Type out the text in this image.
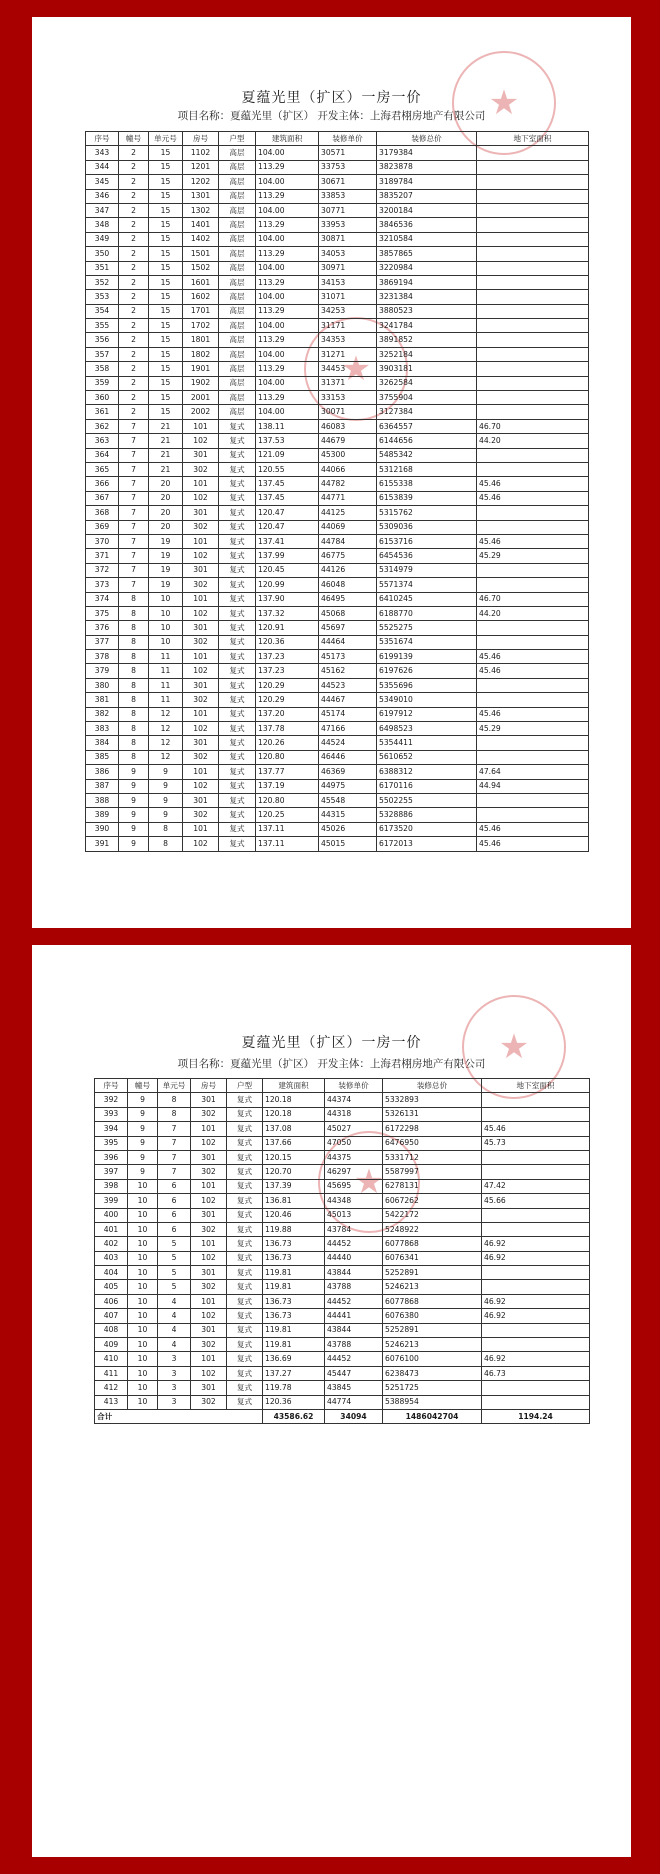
夏蕴光里（扩区）一房一价
项目名称：夏蕴光里（扩区） 开发主体：上海君栩房地产有限公司 ★
★
序号	幢号	单元号	房号	户型	建筑面积	装修单价	装修总价	地下室面积
343	2	15	1102	高层	104.00	30571	3179384	
344	2	15	1201	高层	113.29	33753	3823878	
345	2	15	1202	高层	104.00	30671	3189784	
346	2	15	1301	高层	113.29	33853	3835207	
347	2	15	1302	高层	104.00	30771	3200184	
348	2	15	1401	高层	113.29	33953	3846536	
349	2	15	1402	高层	104.00	30871	3210584	
350	2	15	1501	高层	113.29	34053	3857865	
351	2	15	1502	高层	104.00	30971	3220984	
352	2	15	1601	高层	113.29	34153	3869194	
353	2	15	1602	高层	104.00	31071	3231384	
354	2	15	1701	高层	113.29	34253	3880523	
355	2	15	1702	高层	104.00	31171	3241784	
356	2	15	1801	高层	113.29	34353	3891852	
357	2	15	1802	高层	104.00	31271	3252184	
358	2	15	1901	高层	113.29	34453	3903181	
359	2	15	1902	高层	104.00	31371	3262584	
360	2	15	2001	高层	113.29	33153	3755904	
361	2	15	2002	高层	104.00	30071	3127384	
362	7	21	101	复式	138.11	46083	6364557	46.70
363	7	21	102	复式	137.53	44679	6144656	44.20
364	7	21	301	复式	121.09	45300	5485342	
365	7	21	302	复式	120.55	44066	5312168	
366	7	20	101	复式	137.45	44782	6155338	45.46
367	7	20	102	复式	137.45	44771	6153839	45.46
368	7	20	301	复式	120.47	44125	5315762	
369	7	20	302	复式	120.47	44069	5309036	
370	7	19	101	复式	137.41	44784	6153716	45.46
371	7	19	102	复式	137.99	46775	6454536	45.29
372	7	19	301	复式	120.45	44126	5314979	
373	7	19	302	复式	120.99	46048	5571374	
374	8	10	101	复式	137.90	46495	6410245	46.70
375	8	10	102	复式	137.32	45068	6188770	44.20
376	8	10	301	复式	120.91	45697	5525275	
377	8	10	302	复式	120.36	44464	5351674	
378	8	11	101	复式	137.23	45173	6199139	45.46
379	8	11	102	复式	137.23	45162	6197626	45.46
380	8	11	301	复式	120.29	44523	5355696	
381	8	11	302	复式	120.29	44467	5349010	
382	8	12	101	复式	137.20	45174	6197912	45.46
383	8	12	102	复式	137.78	47166	6498523	45.29
384	8	12	301	复式	120.26	44524	5354411	
385	8	12	302	复式	120.80	46446	5610652	
386	9	9	101	复式	137.77	46369	6388312	47.64
387	9	9	102	复式	137.19	44975	6170116	44.94
388	9	9	301	复式	120.80	45548	5502255	
389	9	9	302	复式	120.25	44315	5328886	
390	9	8	101	复式	137.11	45026	6173520	45.46
391	9	8	102	复式	137.11	45015	6172013	45.46
夏蕴光里（扩区）一房一价
项目名称：夏蕴光里（扩区） 开发主体：上海君栩房地产有限公司 ★
★
序号	幢号	单元号	房号	户型	建筑面积	装修单价	装修总价	地下室面积
392	9	8	301	复式	120.18	44374	5332893	
393	9	8	302	复式	120.18	44318	5326131	
394	9	7	101	复式	137.08	45027	6172298	45.46
395	9	7	102	复式	137.66	47050	6476950	45.73
396	9	7	301	复式	120.15	44375	5331712	
397	9	7	302	复式	120.70	46297	5587997	
398	10	6	101	复式	137.39	45695	6278131	47.42
399	10	6	102	复式	136.81	44348	6067262	45.66
400	10	6	301	复式	120.46	45013	5422172	
401	10	6	302	复式	119.88	43784	5248922	
402	10	5	101	复式	136.73	44452	6077868	46.92
403	10	5	102	复式	136.73	44440	6076341	46.92
404	10	5	301	复式	119.81	43844	5252891	
405	10	5	302	复式	119.81	43788	5246213	
406	10	4	101	复式	136.73	44452	6077868	46.92
407	10	4	102	复式	136.73	44441	6076380	46.92
408	10	4	301	复式	119.81	43844	5252891	
409	10	4	302	复式	119.81	43788	5246213	
410	10	3	101	复式	136.69	44452	6076100	46.92
411	10	3	102	复式	137.27	45447	6238473	46.73
412	10	3	301	复式	119.78	43845	5251725	
413	10	3	302	复式	120.36	44774	5388954	
合计					43586.62	34094	1486042704	1194.24
